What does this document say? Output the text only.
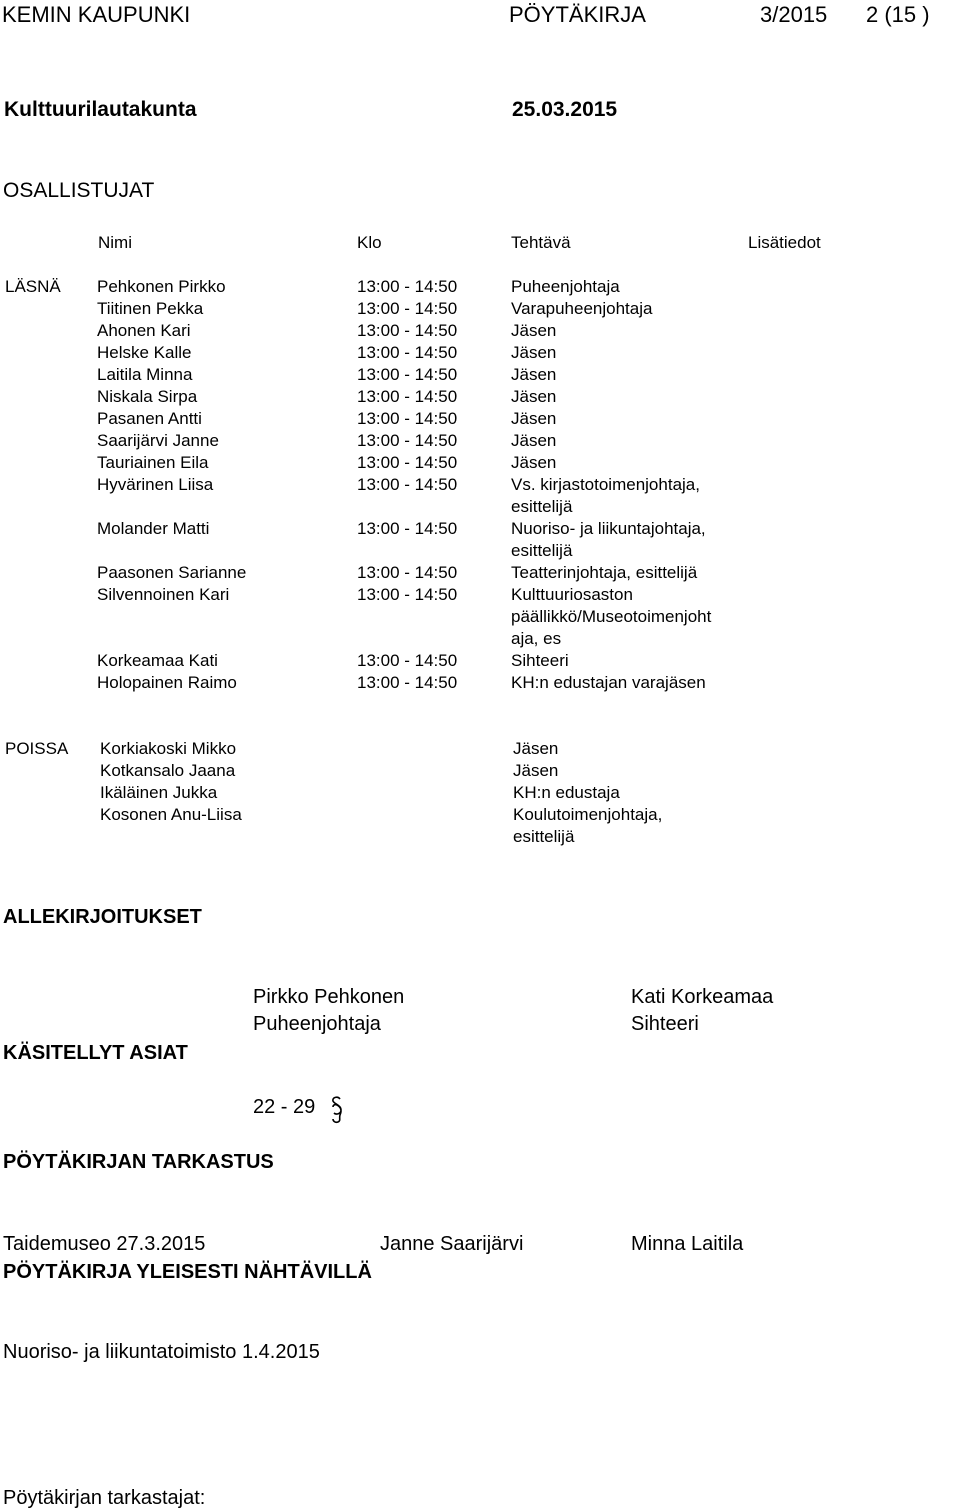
KEMIN KAUPUNKI	PÖYTÄKIRJA	3/2015 2 (15 )
Kulttuurilautakunta	25.03.2015
OSALLISTUJAT
Nimi	Klo	Tehtävä	Lisätiedot
LÄSNÄ Pehkonen Pirkko	13:00 - 14:50	Puheenjohtaja
Tiitinen Pekka	13:00 - 14:50	Varapuheenjohtaja
Ahonen Kari	13:00 - 14:50	Jäsen
Helske Kalle	13:00 - 14:50	Jäsen
Laitila Minna	13:00 - 14:50	Jäsen
Niskala Sirpa	13:00 - 14:50	Jäsen
Pasanen Antti	13:00 - 14:50	Jäsen
Saarijärvi Janne	13:00 - 14:50	Jäsen
Tauriainen Eila	13:00 - 14:50	Jäsen
Hyvärinen Liisa	13:00 - 14:50	Vs. kirjastotoimenjohtaja,
esittelijä
Molander Matti	13:00 - 14:50	Nuoriso- ja liikuntajohtaja,
esittelijä
Paasonen Sarianne	13:00 - 14:50	Teatterinjohtaja, esittelijä
Silvennoinen Kari	13:00 - 14:50	Kulttuuriosaston
päällikkö/Museotoimenjoht
aja, es
Korkeamaa Kati	13:00 - 14:50	Sihteeri
Holopainen Raimo	13:00 - 14:50	KH:n edustajan varajäsen
POISSA Korkiakoski Mikko	Jäsen
Kotkansalo Jaana	Jäsen
Ikäläinen Jukka	KH:n edustaja
Kosonen Anu-Liisa	Koulutoimenjohtaja,
esittelijä
ALLEKIRJOITUKSET
Pirkko Pehkonen
Puheenjohtaja
Kati Korkeamaa
Sihteeri
KÄSITELLYT ASIAT
22 - 29
PÖYTÄKIRJAN TARKASTUS
Taidemuseo 27.3.2015	Janne Saarijärvi	Minna Laitila
PÖYTÄKIRJA YLEISESTI NÄHTÄVILLÄ
Nuoriso- ja liikuntatoimisto 1.4.2015
Pöytäkirjan tarkastajat:
